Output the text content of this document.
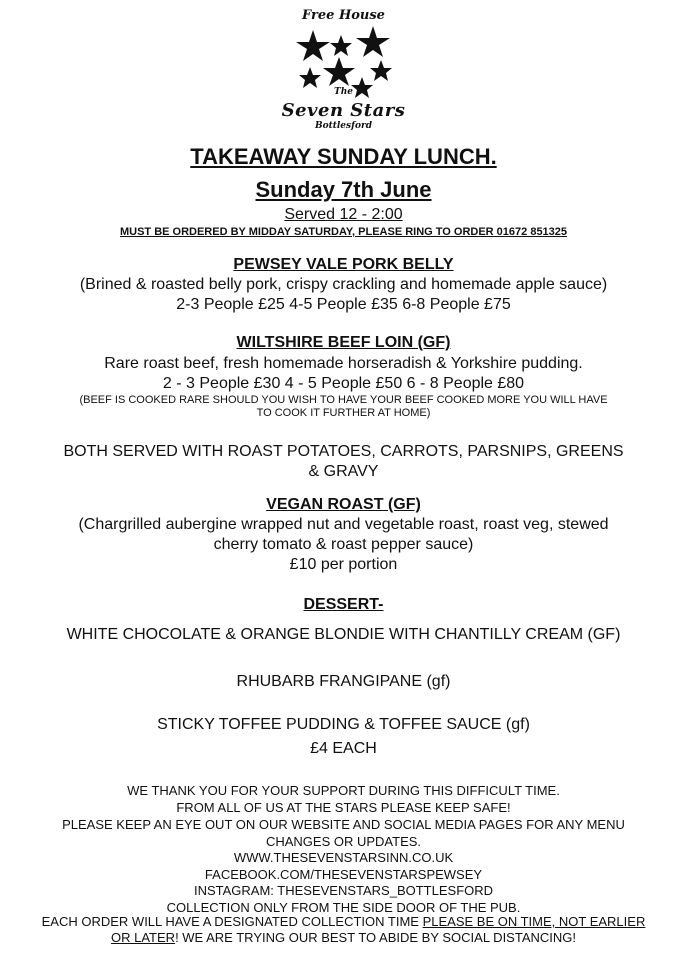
Free House
The
Seven Stars
Bottlesford
TAKEAWAY SUNDAY LUNCH.
Sunday 7th June
Served 12 - 2:00
MUST BE ORDERED BY MIDDAY SATURDAY, PLEASE RING TO ORDER 01672 851325
PEWSEY VALE PORK BELLY
(Brined & roasted belly pork, crispy crackling and homemade apple sauce)
2-3 People £25 4-5 People £35 6-8 People £75
WILTSHIRE BEEF LOIN (GF)
Rare roast beef, fresh homemade horseradish & Yorkshire pudding.
2 - 3 People £30 4 - 5 People £50 6 - 8 People £80
(BEEF IS COOKED RARE SHOULD YOU WISH TO HAVE YOUR BEEF COOKED MORE YOU WILL HAVE
TO COOK IT FURTHER AT HOME)
BOTH SERVED WITH ROAST POTATOES, CARROTS, PARSNIPS, GREENS
& GRAVY
VEGAN ROAST (GF)
(Chargrilled aubergine wrapped nut and vegetable roast, roast veg, stewed
cherry tomato & roast pepper sauce)
£10 per portion
DESSERT-
WHITE CHOCOLATE & ORANGE BLONDIE WITH CHANTILLY CREAM (GF)
RHUBARB FRANGIPANE (gf)
STICKY TOFFEE PUDDING & TOFFEE SAUCE (gf)
£4 EACH
WE THANK YOU FOR YOUR SUPPORT DURING THIS DIFFICULT TIME.
FROM ALL OF US AT THE STARS PLEASE KEEP SAFE!
PLEASE KEEP AN EYE OUT ON OUR WEBSITE AND SOCIAL MEDIA PAGES FOR ANY MENU
CHANGES OR UPDATES.
WWW.THESEVENSTARSINN.CO.UK
FACEBOOK.COM/THESEVENSTARSPEWSEY
INSTAGRAM: THESEVENSTARS_BOTTLESFORD
COLLECTION ONLY FROM THE SIDE DOOR OF THE PUB.
EACH ORDER WILL HAVE A DESIGNATED COLLECTION TIME PLEASE BE ON TIME, NOT EARLIER
OR LATER! WE ARE TRYING OUR BEST TO ABIDE BY SOCIAL DISTANCING!
